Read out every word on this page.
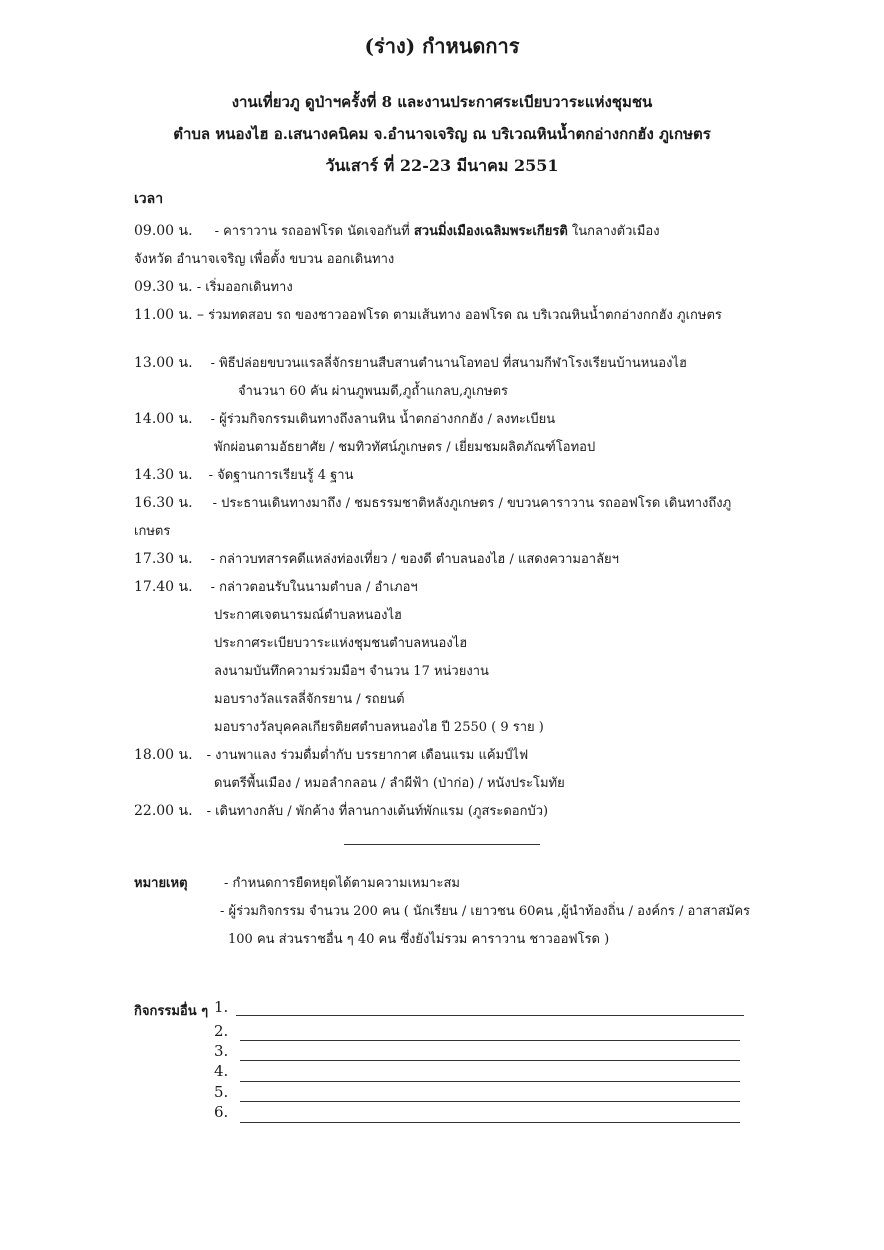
(ร่าง) กำหนดการ
งานเที่ยวภู ดูป่าฯครั้งที่ 8 และงานประกาศระเบียบวาระแห่งชุมชน
ตำบล หนองไฮ อ.เสนางคนิคม จ.อำนาจเจริญ ณ บริเวณหินน้ำตกอ่างกกฮัง ภูเกษตร
วันเสาร์ ที่ 22-23 มีนาคม 2551
เวลา
09.00 น. - คาราวาน รถออฟโรด นัดเจอกันที่ สวนมิ่งเมืองเฉลิมพระเกียรติ ในกลางตัวเมือง
จังหวัด อำนาจเจริญ เพื่อตั้ง ขบวน ออกเดินทาง
09.30 น. - เริ่มออกเดินทาง
11.00 น. – ร่วมทดสอบ รถ ของชาวออฟโรด ตามเส้นทาง ออฟโรด ณ บริเวณหินน้ำตกอ่างกกฮัง ภูเกษตร
13.00 น. - พิธีปล่อยขบวนแรลลี่จักรยานสืบสานตำนานโอทอป ที่สนามกีฬาโรงเรียนบ้านหนองไฮ
จำนวนา 60 คัน ผ่านภูพนมดี,ภูถ้ำแกลบ,ภูเกษตร
14.00 น. - ผู้ร่วมกิจกรรมเดินทางถึงลานหิน น้ำตกอ่างกกฮัง / ลงทะเบียน
พักผ่อนตามอัธยาศัย / ชมทิวทัศน์ภูเกษตร / เยี่ยมชมผลิตภัณฑ์โอทอป
14.30 น. - จัดฐานการเรียนรู้ 4 ฐาน
16.30 น. - ประธานเดินทางมาถึง / ชมธรรมชาติหลังภูเกษตร / ขบวนคาราวาน รถออฟโรด เดินทางถึงภู
เกษตร
17.30 น. - กล่าวบทสารคดีแหล่งท่องเที่ยว / ของดี ตำบลนองไฮ / แสดงความอาลัยฯ
17.40 น. - กล่าวตอนรับในนามตำบล / อำเภอฯ
ประกาศเจตนารมณ์ตำบลหนองไฮ
ประกาศระเบียบวาระแห่งชุมชนตำบลหนองไฮ
ลงนามบันทึกความร่วมมือฯ จำนวน 17 หน่วยงาน
มอบรางวัลแรลลี่จักรยาน / รถยนต์
มอบรางวัลบุคคลเกียรติยศตำบลหนองไฮ ปี 2550 ( 9 ราย )
18.00 น. - งานพาแลง ร่วมดื่มด่ำกับ บรรยากาศ เดือนแรม แค้มป์ไฟ
ดนตรีพื้นเมือง / หมอลำกลอน / ลำผีฟ้า (ป่าก่อ) / หนังประโมทัย
22.00 น. - เดินทางกลับ / พักค้าง ที่ลานกางเต้นท์พักแรม (ภูสระดอกบัว)
หมายเหตุ	- กำหนดการยืดหยุดได้ตามความเหมาะสม
- ผู้ร่วมกิจกรรม จำนวน 200 คน ( นักเรียน / เยาวชน 60คน ,ผู้นำท้องถิ่น / องค์กร / อาสาสมัคร
100 คน ส่วนราชอื่น ๆ 40 คน ซึ่งยังไม่รวม คาราวาน ชาวออฟโรด )
กิจกรรมอื่น ๆ 1.
2.
3.
4.
5.
6.
